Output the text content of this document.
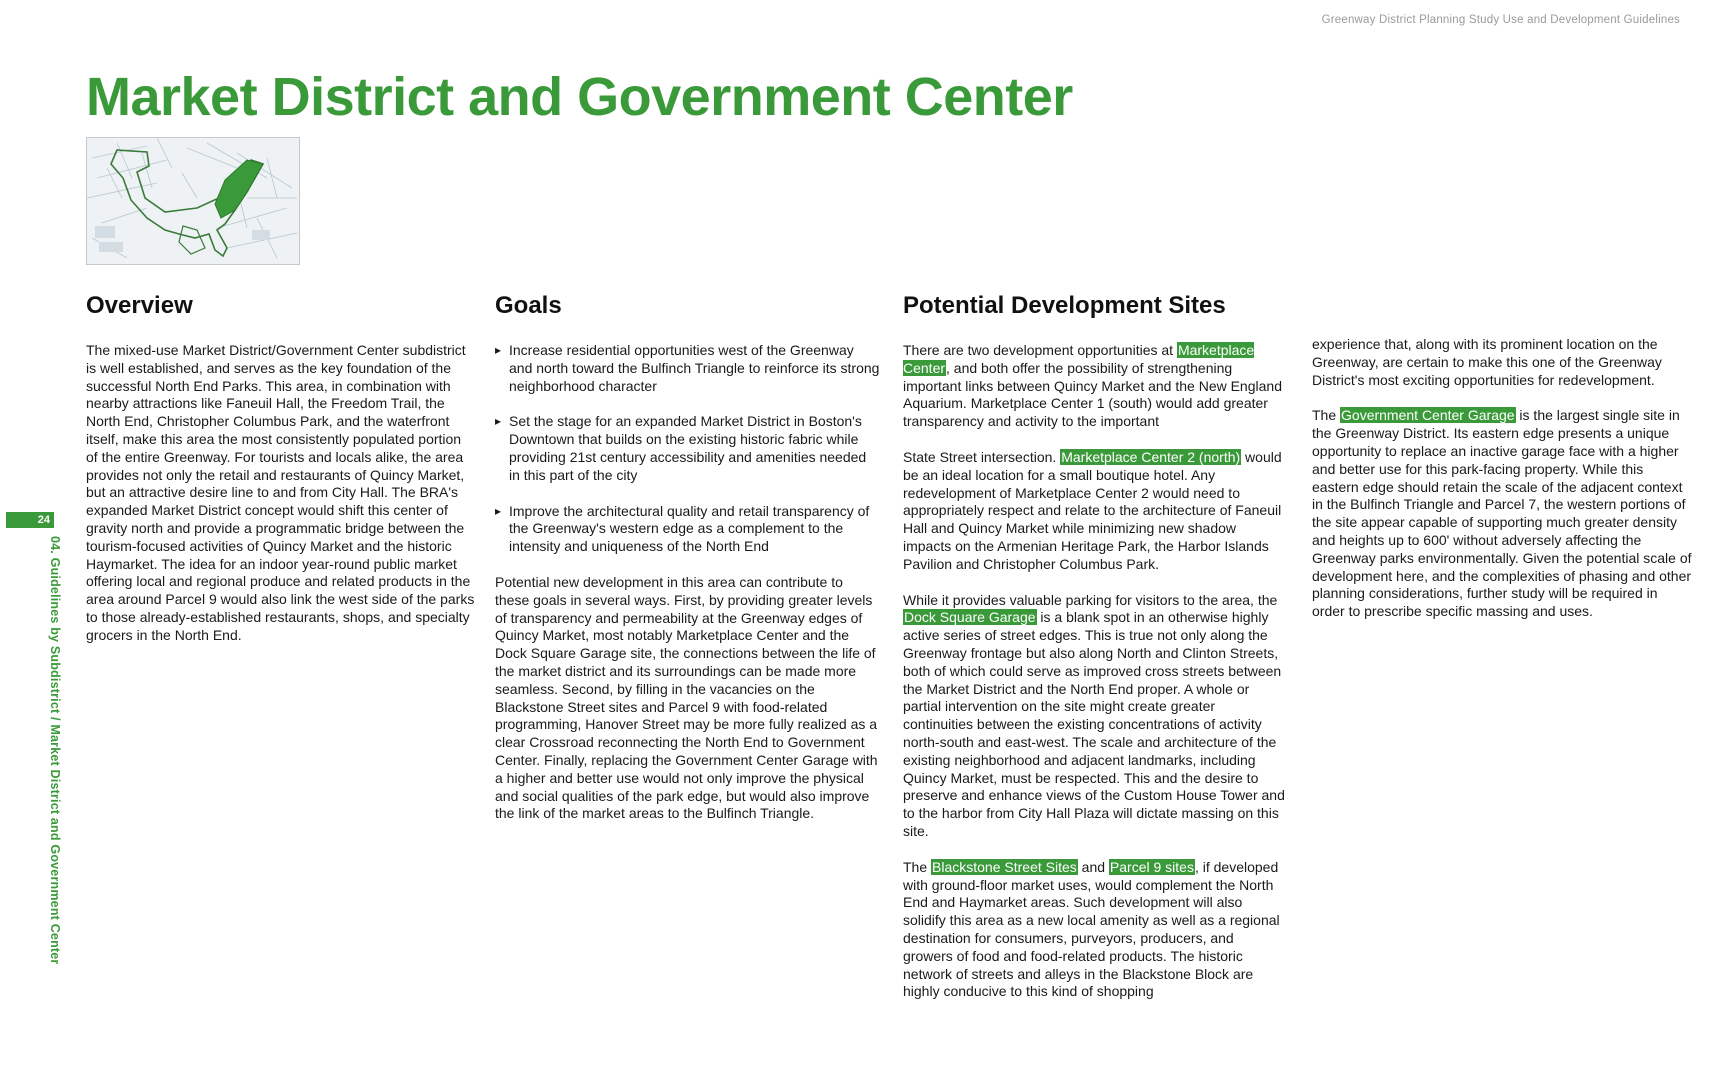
Greenway District Planning Study Use and Development Guidelines
Market District and Government Center
24
04. Guidelines by Subdistrict / Market District and Government Center
Overview

The mixed-use Market District/Government Center subdistrict is well established, and serves as the key foundation of the successful North End Parks. This area, in combination with nearby attractions like Faneuil Hall, the Freedom Trail, the North End, Christopher Columbus Park, and the waterfront itself, make this area the most consistently populated portion of the entire Greenway. For tourists and locals alike, the area provides not only the retail and restaurants of Quincy Market, but an attractive desire line to and from City Hall. The BRA's expanded Market District concept would shift this center of gravity north and provide a programmatic bridge between the tourism-focused activities of Quincy Market and the historic Haymarket. The idea for an indoor year-round public market offering local and regional produce and related products in the area around Parcel 9 would also link the west side of the parks to those already-established restaurants, shops, and specialty grocers in the North End.

Goals
▸ Increase residential opportunities west of the Greenway and north toward the Bulfinch Triangle to reinforce its strong neighborhood character
▸ Set the stage for an expanded Market District in Boston's Downtown that builds on the existing historic fabric while providing 21st century accessibility and amenities needed in this part of the city
▸ Improve the architectural quality and retail transparency of the Greenway's western edge as a complement to the intensity and uniqueness of the North End

Potential new development in this area can contribute to these goals in several ways. First, by providing greater levels of transparency and permeability at the Greenway edges of Quincy Market, most notably Marketplace Center and the Dock Square Garage site, the connections between the life of the market district and its surroundings can be made more seamless. Second, by filling in the vacancies on the Blackstone Street sites and Parcel 9 with food-related programming, Hanover Street may be more fully realized as a clear Crossroad reconnecting the North End to Government Center. Finally, replacing the Government Center Garage with a higher and better use would not only improve the physical and social qualities of the park edge, but would also improve the link of the market areas to the Bulfinch Triangle.

Potential Development Sites

There are two development opportunities at Marketplace Center, and both offer the possibility of strengthening important links between Quincy Market and the New England Aquarium. Marketplace Center 1 (south) would add greater transparency and activity to the important

State Street intersection. Marketplace Center 2 (north) would be an ideal location for a small boutique hotel. Any redevelopment of Marketplace Center 2 would need to appropriately respect and relate to the architecture of Faneuil Hall and Quincy Market while minimizing new shadow impacts on the Armenian Heritage Park, the Harbor Islands Pavilion and Christopher Columbus Park.

While it provides valuable parking for visitors to the area, the Dock Square Garage is a blank spot in an otherwise highly active series of street edges. This is true not only along the Greenway frontage but also along North and Clinton Streets, both of which could serve as improved cross streets between the Market District and the North End proper. A whole or partial intervention on the site might create greater continuities between the existing concentrations of activity north-south and east-west. The scale and architecture of the existing neighborhood and adjacent landmarks, including Quincy Market, must be respected. This and the desire to preserve and enhance views of the Custom House Tower and to the harbor from City Hall Plaza will dictate massing on this site.

The Blackstone Street Sites and Parcel 9 sites, if developed with ground-floor market uses, would complement the North End and Haymarket areas. Such development will also solidify this area as a new local amenity as well as a regional destination for consumers, purveyors, producers, and growers of food and food-related products. The historic network of streets and alleys in the Blackstone Block are highly conducive to this kind of shopping

experience that, along with its prominent location on the Greenway, are certain to make this one of the Greenway District's most exciting opportunities for redevelopment.

The Government Center Garage is the largest single site in the Greenway District. Its eastern edge presents a unique opportunity to replace an inactive garage face with a higher and better use for this park-facing property. While this eastern edge should retain the scale of the adjacent context in the Bulfinch Triangle and Parcel 7, the western portions of the site appear capable of supporting much greater density and heights up to 600' without adversely affecting the Greenway parks environmentally. Given the potential scale of development here, and the complexities of phasing and other planning considerations, further study will be required in order to prescribe specific massing and uses.
